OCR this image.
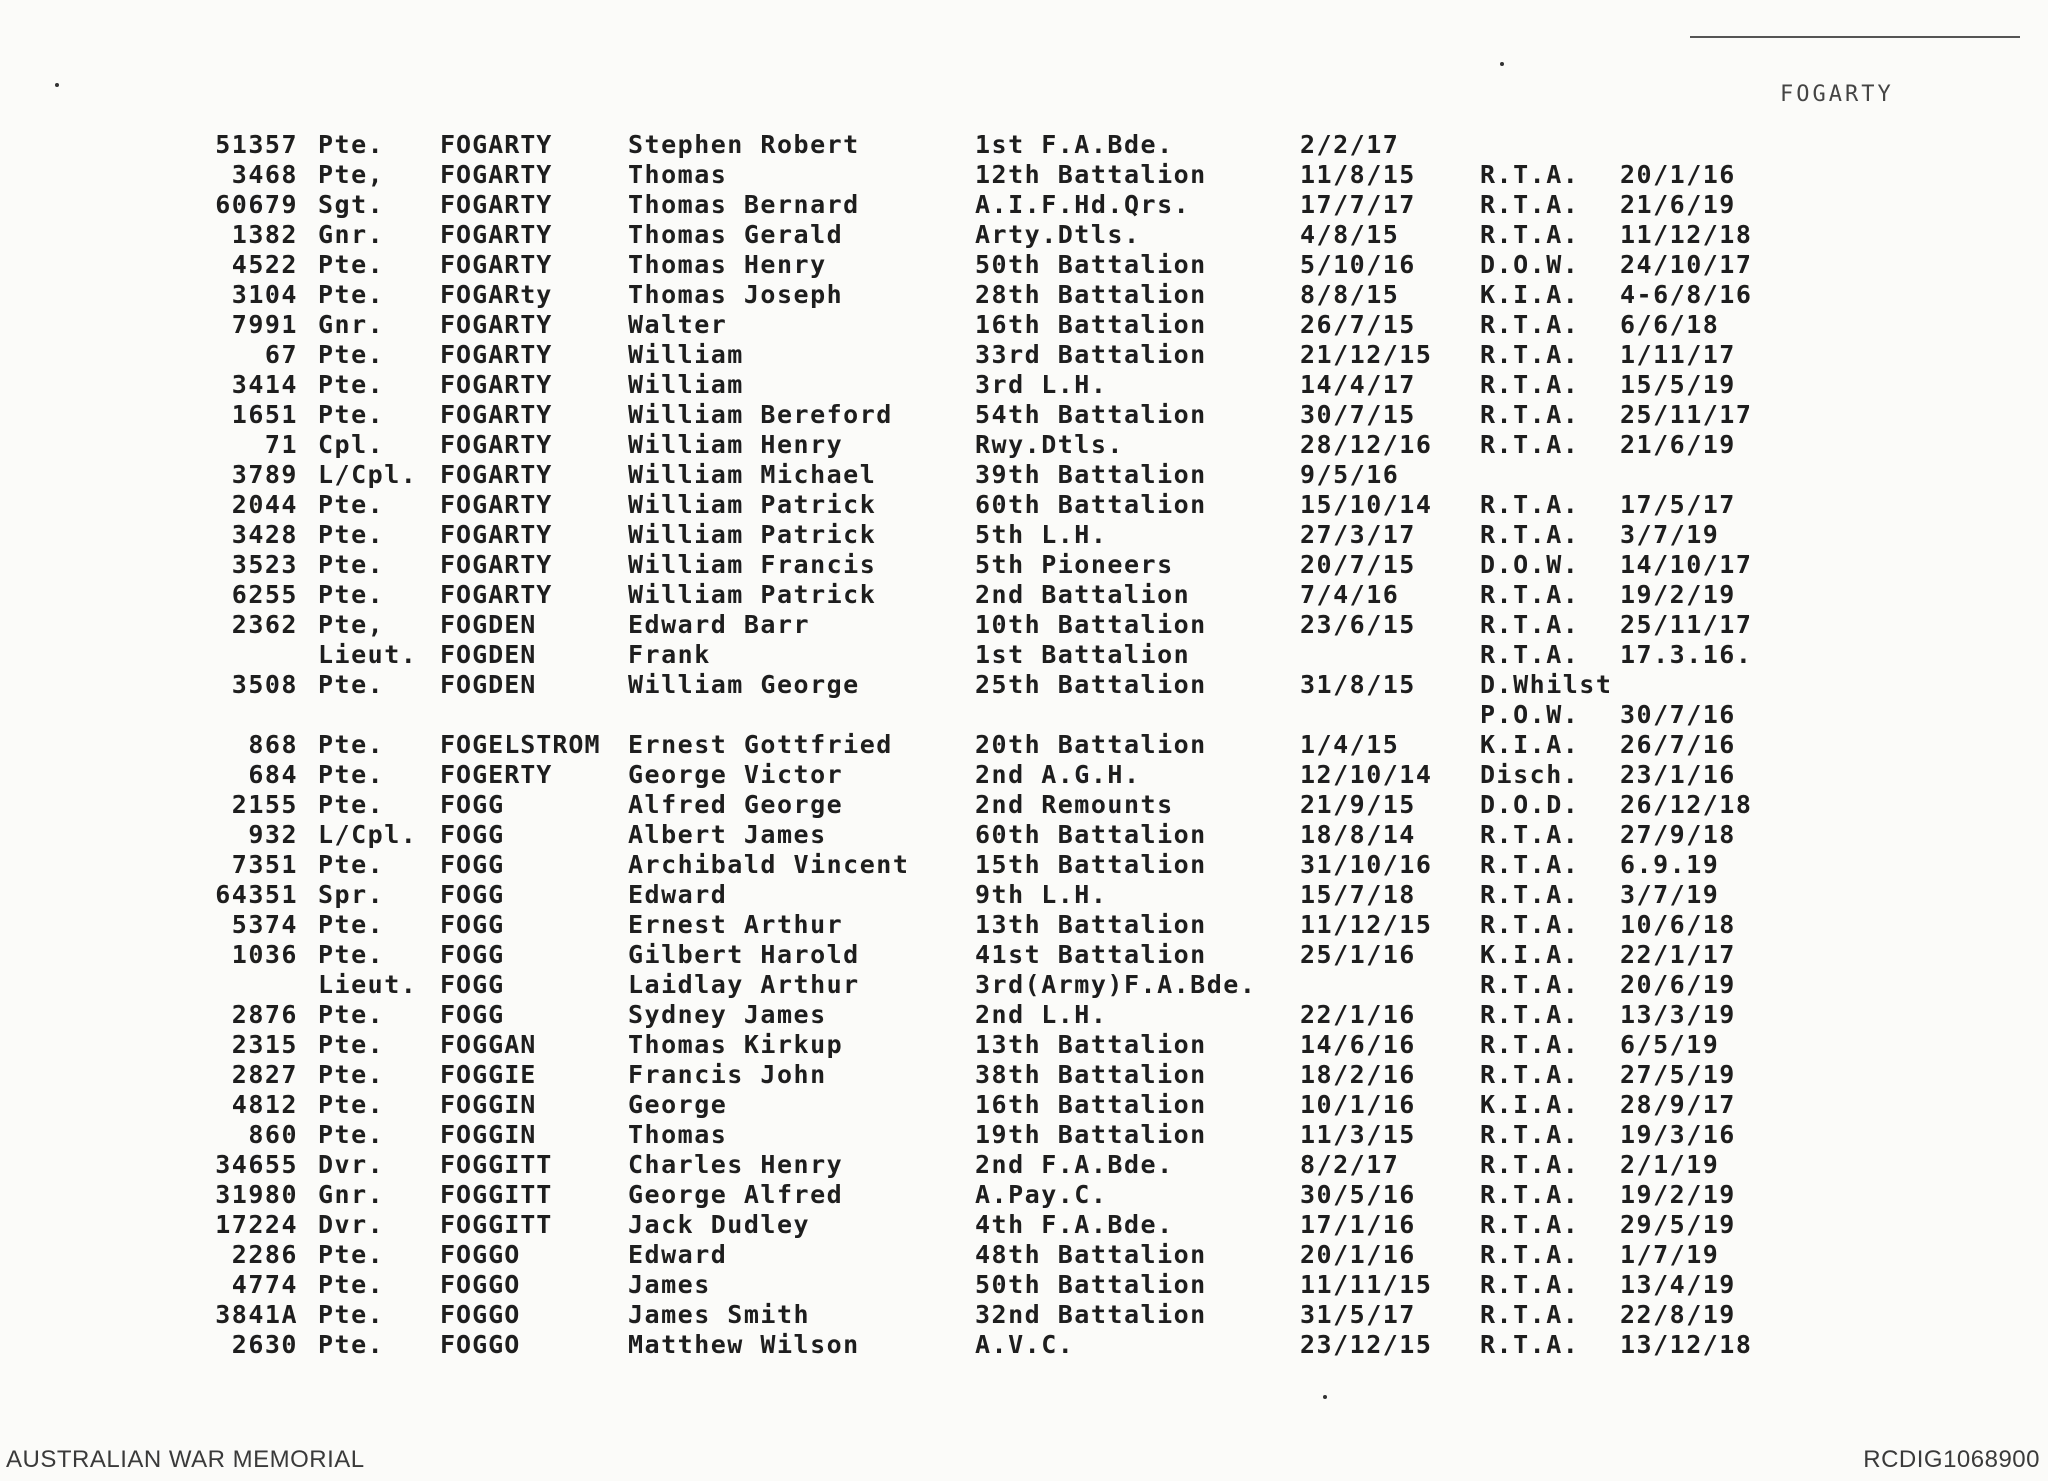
FOGARTY
51357 Pte. FOGARTY	Stephen Robert	1st F.A.Bde.	2/2/17
3468 Pte, FOGARTY	Thomas	12th Battalion	11/8/15	R.T.A. 20/1/16
60679 Sgt. FOGARTY	Thomas Bernard	A.I.F.Hd.Qrs.	17/7/17	R.T.A. 21/6/19
1382 Gnr. FOGARTY	Thomas Gerald	Arty.Dtls.	4/8/15	R.T.A. 11/12/18
4522 Pte. FOGARTY	Thomas Henry	50th Battalion	5/10/16	D.O.W. 24/10/17
3104 Pte. FOGARty	Thomas Joseph	28th Battalion	8/8/15	K.I.A. 4-6/8/16
7991 Gnr. FOGARTY	Walter	16th Battalion	26/7/15	R.T.A. 6/6/18
67 Pte. FOGARTY	William	33rd Battalion	21/12/15 R.T.A. 1/11/17
3414 Pte. FOGARTY	William	3rd L.H.	14/4/17	R.T.A. 15/5/19
1651 Pte. FOGARTY	William Bereford	54th Battalion	30/7/15	R.T.A. 25/11/17
71 Cpl. FOGARTY	William Henry	Rwy.Dtls.	28/12/16 R.T.A. 21/6/19
3789 L/Cpl. FOGARTY	William Michael	39th Battalion	9/5/16
2044 Pte. FOGARTY	William Patrick	60th Battalion	15/10/14 R.T.A. 17/5/17
3428 Pte. FOGARTY	William Patrick	5th L.H.	27/3/17	R.T.A. 3/7/19
3523 Pte. FOGARTY	William Francis	5th Pioneers	20/7/15	D.O.W. 14/10/17
6255 Pte. FOGARTY	William Patrick	2nd Battalion	7/4/16	R.T.A. 19/2/19
2362 Pte, FOGDEN	Edward Barr	10th Battalion	23/6/15	R.T.A. 25/11/17
Lieut. FOGDEN	Frank	1st Battalion	R.T.A. 17.3.16.
3508 Pte. FOGDEN	William George	25th Battalion	31/8/15	D.Whilst
P.O.W. 30/7/16
868 Pte. FOGELSTROM Ernest Gottfried	20th Battalion	1/4/15	K.I.A. 26/7/16
684 Pte. FOGERTY	George Victor	2nd A.G.H.	12/10/14 Disch. 23/1/16
2155 Pte. FOGG	Alfred George	2nd Remounts	21/9/15	D.O.D. 26/12/18
932 L/Cpl. FOGG	Albert James	60th Battalion	18/8/14	R.T.A. 27/9/18
7351 Pte. FOGG	Archibald Vincent	15th Battalion	31/10/16 R.T.A. 6.9.19
64351 Spr. FOGG	Edward	9th L.H.	15/7/18	R.T.A. 3/7/19
5374 Pte. FOGG	Ernest Arthur	13th Battalion	11/12/15 R.T.A. 10/6/18
1036 Pte. FOGG	Gilbert Harold	41st Battalion	25/1/16	K.I.A. 22/1/17
Lieut. FOGG	Laidlay Arthur	3rd(Army)F.A.Bde.	R.T.A. 20/6/19
2876 Pte. FOGG	Sydney James	2nd L.H.	22/1/16	R.T.A. 13/3/19
2315 Pte. FOGGAN	Thomas Kirkup	13th Battalion	14/6/16	R.T.A. 6/5/19
2827 Pte. FOGGIE	Francis John	38th Battalion	18/2/16	R.T.A. 27/5/19
4812 Pte. FOGGIN	George	16th Battalion	10/1/16	K.I.A. 28/9/17
860 Pte. FOGGIN	Thomas	19th Battalion	11/3/15	R.T.A. 19/3/16
34655 Dvr. FOGGITT	Charles Henry	2nd F.A.Bde.	8/2/17	R.T.A. 2/1/19
31980 Gnr. FOGGITT	George Alfred	A.Pay.C.	30/5/16	R.T.A. 19/2/19
17224 Dvr. FOGGITT	Jack Dudley	4th F.A.Bde.	17/1/16	R.T.A. 29/5/19
2286 Pte. FOGGO	Edward	48th Battalion	20/1/16	R.T.A. 1/7/19
4774 Pte. FOGGO	James	50th Battalion	11/11/15 R.T.A. 13/4/19
3841A Pte. FOGGO	James Smith	32nd Battalion	31/5/17	R.T.A. 22/8/19
2630 Pte. FOGGO	Matthew Wilson	A.V.C.	23/12/15 R.T.A. 13/12/18
AUSTRALIAN WAR MEMORIAL	RCDIG1068900
